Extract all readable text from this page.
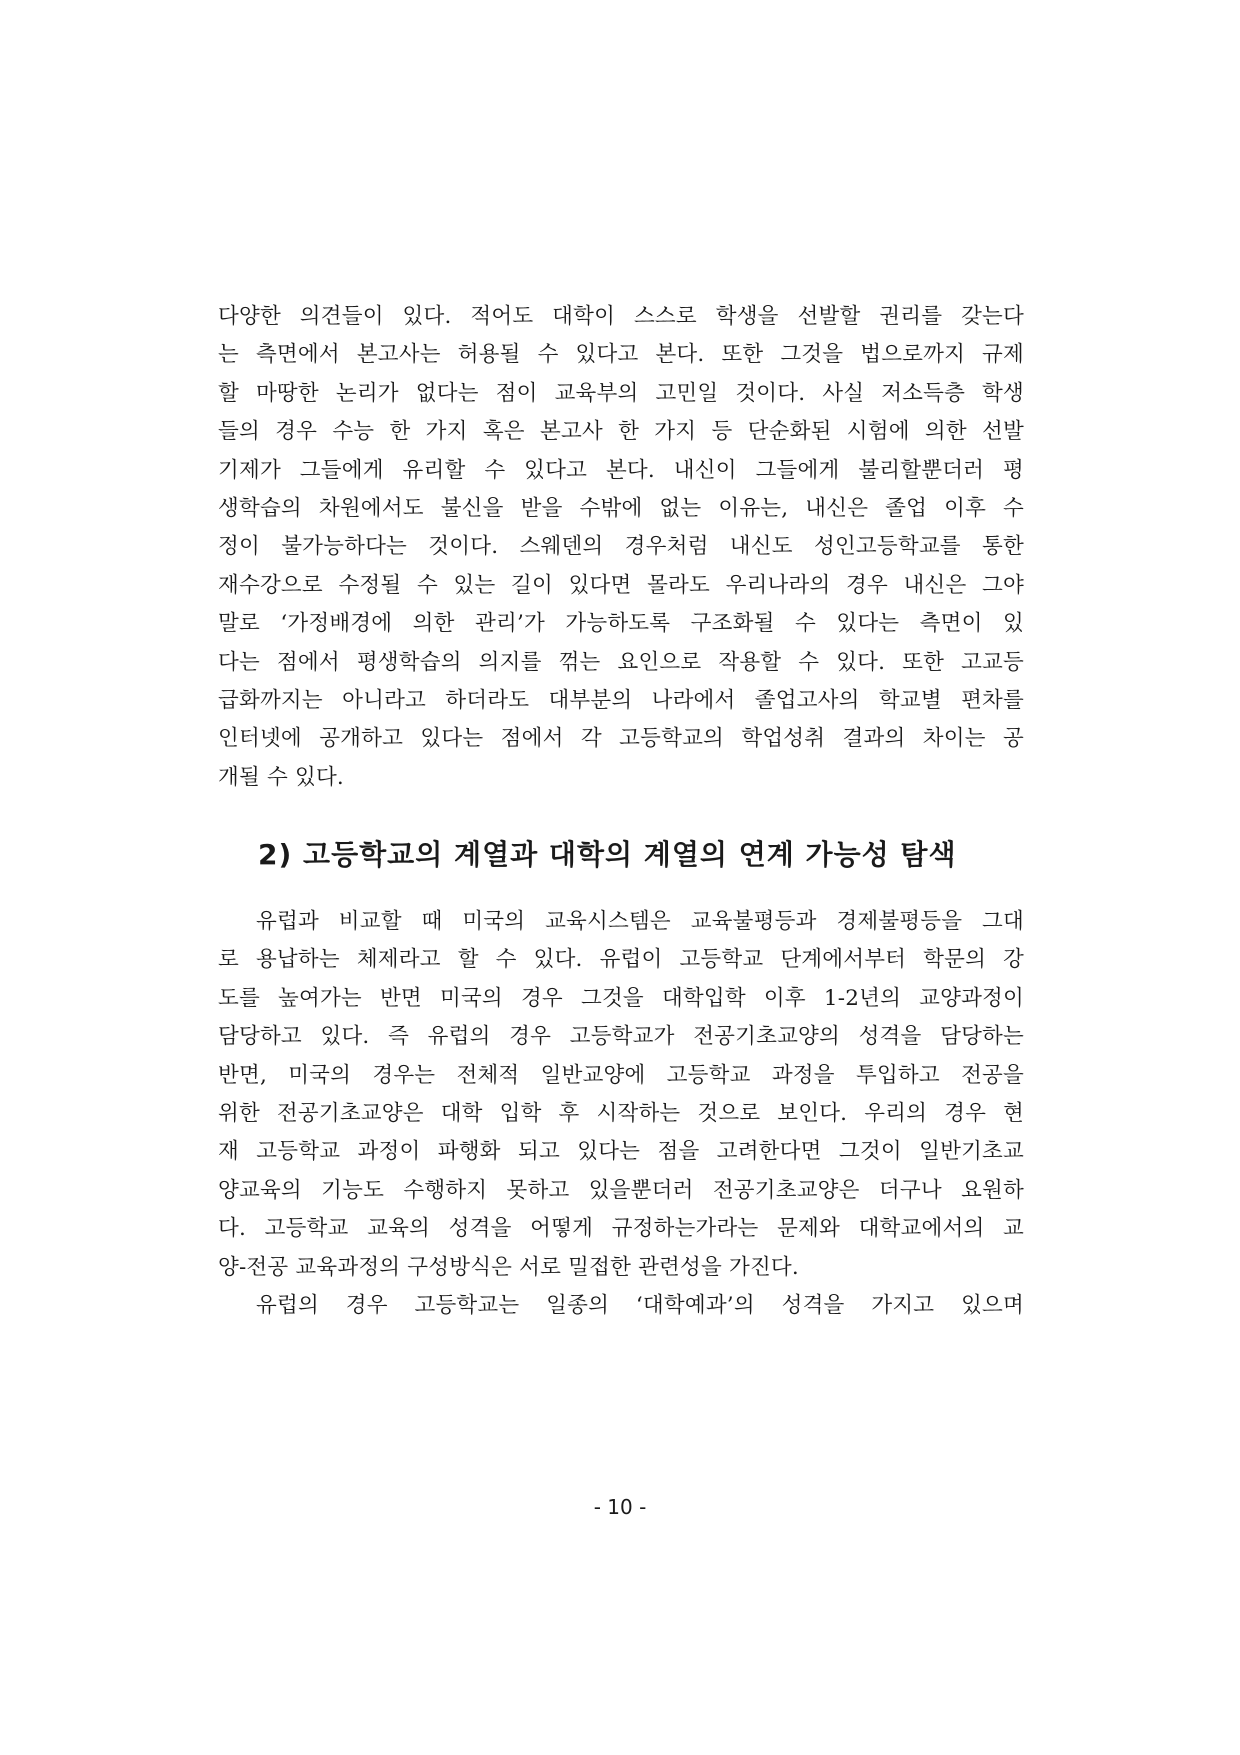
다양한 의견들이 있다. 적어도 대학이 스스로 학생을 선발할 권리를 갖는다
는 측면에서 본고사는 허용될 수 있다고 본다. 또한 그것을 법으로까지 규제
할 마땅한 논리가 없다는 점이 교육부의 고민일 것이다. 사실 저소득층 학생
들의 경우 수능 한 가지 혹은 본고사 한 가지 등 단순화된 시험에 의한 선발
기제가 그들에게 유리할 수 있다고 본다. 내신이 그들에게 불리할뿐더러 평
생학습의 차원에서도 불신을 받을 수밖에 없는 이유는, 내신은 졸업 이후 수
정이 불가능하다는 것이다. 스웨덴의 경우처럼 내신도 성인고등학교를 통한
재수강으로 수정될 수 있는 길이 있다면 몰라도 우리나라의 경우 내신은 그야
말로 ‘가정배경에 의한 관리’가 가능하도록 구조화될 수 있다는 측면이 있
다는 점에서 평생학습의 의지를 꺾는 요인으로 작용할 수 있다. 또한 고교등
급화까지는 아니라고 하더라도 대부분의 나라에서 졸업고사의 학교별 편차를
인터넷에 공개하고 있다는 점에서 각 고등학교의 학업성취 결과의 차이는 공
개될 수 있다.
2) 고등학교의 계열과 대학의 계열의 연계 가능성 탐색
유럽과 비교할 때 미국의 교육시스템은 교육불평등과 경제불평등을 그대
로 용납하는 체제라고 할 수 있다. 유럽이 고등학교 단계에서부터 학문의 강
도를 높여가는 반면 미국의 경우 그것을 대학입학 이후 1-2년의 교양과정이
담당하고 있다. 즉 유럽의 경우 고등학교가 전공기초교양의 성격을 담당하는
반면, 미국의 경우는 전체적 일반교양에 고등학교 과정을 투입하고 전공을
위한 전공기초교양은 대학 입학 후 시작하는 것으로 보인다. 우리의 경우 현
재 고등학교 과정이 파행화 되고 있다는 점을 고려한다면 그것이 일반기초교
양교육의 기능도 수행하지 못하고 있을뿐더러 전공기초교양은 더구나 요원하
다. 고등학교 교육의 성격을 어떻게 규정하는가라는 문제와 대학교에서의 교
양-전공 교육과정의 구성방식은 서로 밀접한 관련성을 가진다.
유럽의 경우 고등학교는 일종의 ‘대학예과’의 성격을 가지고 있으며
- 10 -
